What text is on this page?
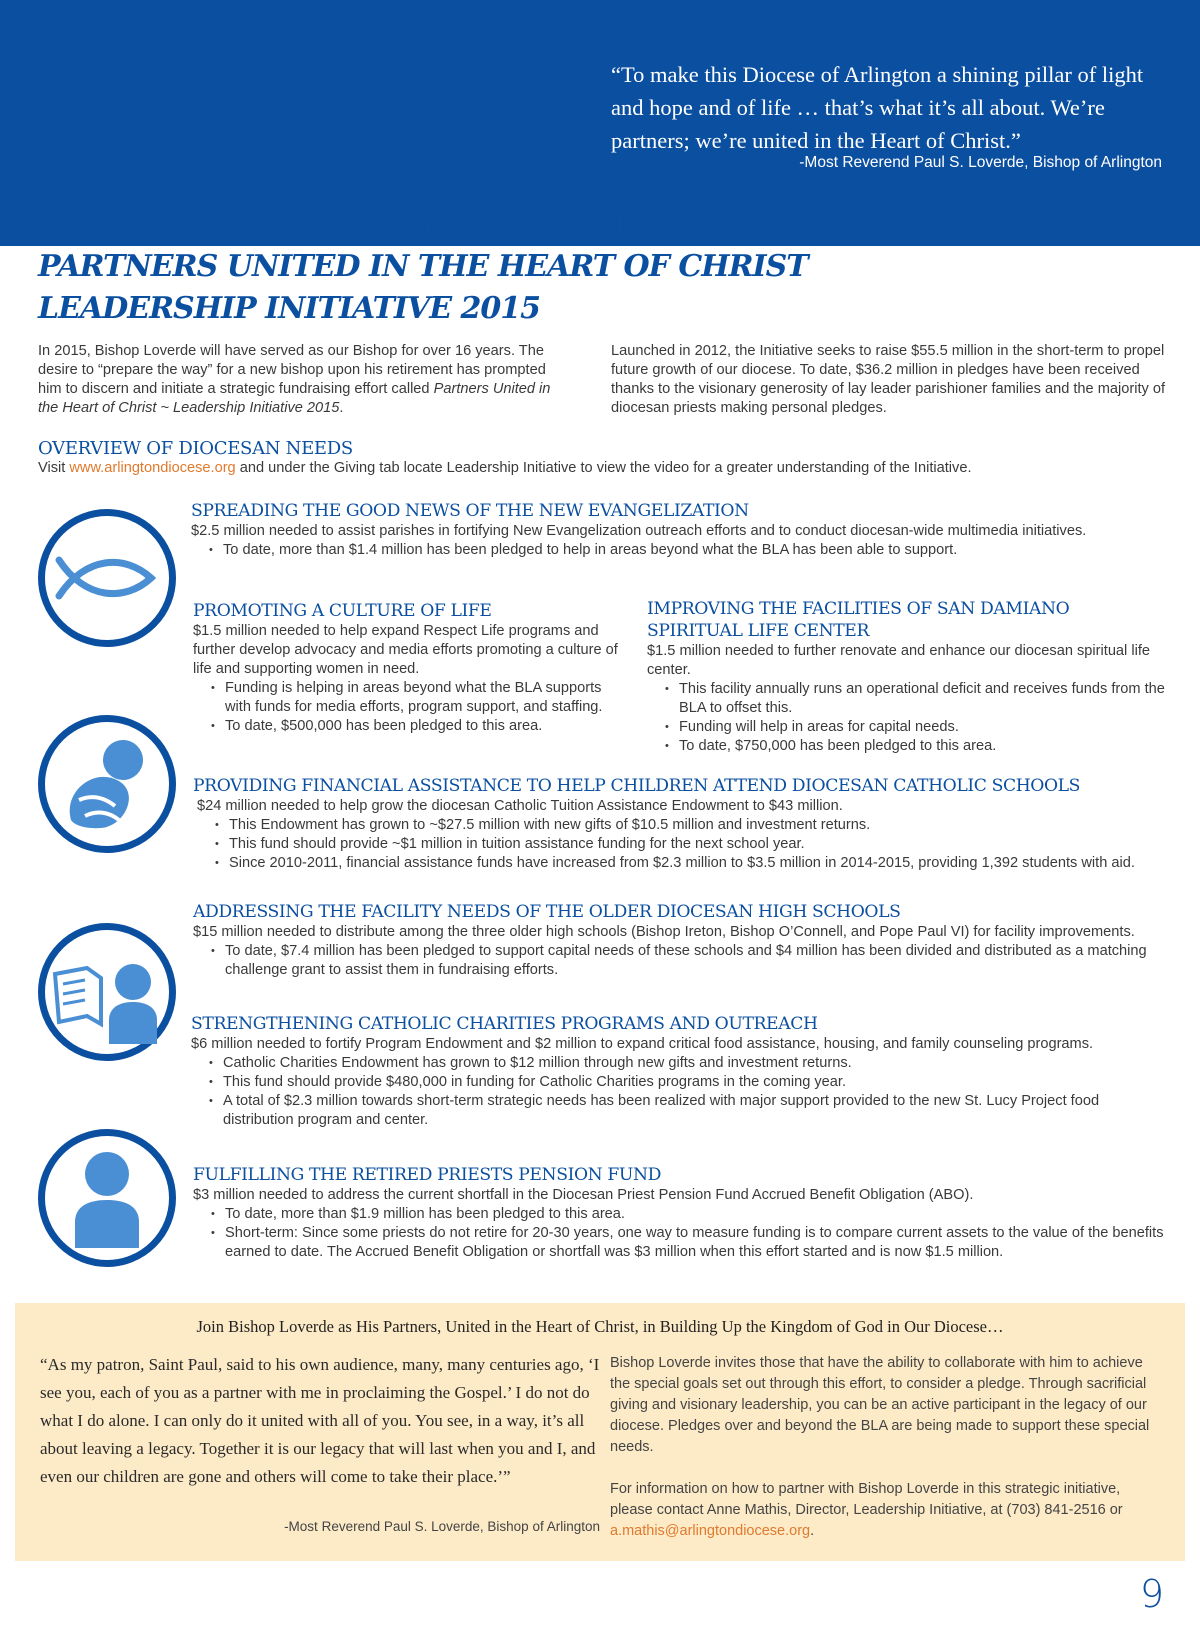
“To make this Diocese of Arlington a shining pillar of light and hope and of life … that’s what it’s all about. We’re partners; we’re united in the Heart of Christ.”
-Most Reverend Paul S. Loverde, Bishop of Arlington
STRATEGIC LONGTERM FUNDING
PARTNERS UNITED IN THE HEART OF CHRIST LEADERSHIP INITIATIVE 2015
In 2015, Bishop Loverde will have served as our Bishop for over 16 years. The desire to “prepare the way” for a new bishop upon his retirement has prompted him to discern and initiate a strategic fundraising effort called Partners United in the Heart of Christ ~ Leadership Initiative 2015.
Launched in 2012, the Initiative seeks to raise $55.5 million in the short-term to propel future growth of our diocese. To date, $36.2 million in pledges have been received thanks to the visionary generosity of lay leader parishioner families and the majority of diocesan priests making personal pledges.
OVERVIEW OF DIOCESAN NEEDS
Visit www.arlingtondiocese.org and under the Giving tab locate Leadership Initiative to view the video for a greater understanding of the Initiative.
SPREADING THE GOOD NEWS OF THE NEW EVANGELIZATION
$2.5 million needed to assist parishes in fortifying New Evangelization outreach efforts and to conduct diocesan-wide multimedia initiatives.
• To date, more than $1.4 million has been pledged to help in areas beyond what the BLA has been able to support.
PROMOTING A CULTURE OF LIFE
$1.5 million needed to help expand Respect Life programs and further develop advocacy and media efforts promoting a culture of life and supporting women in need.
• Funding is helping in areas beyond what the BLA supports with funds for media efforts, program support, and staffing.
• To date, $500,000 has been pledged to this area.
IMPROVING THE FACILITIES OF SAN DAMIANO SPIRITUAL LIFE CENTER
$1.5 million needed to further renovate and enhance our diocesan spiritual life center.
• This facility annually runs an operational deficit and receives funds from the BLA to offset this.
• Funding will help in areas for capital needs.
• To date, $750,000 has been pledged to this area.
PROVIDING FINANCIAL ASSISTANCE TO HELP CHILDREN ATTEND DIOCESAN CATHOLIC SCHOOLS
$24 million needed to help grow the diocesan Catholic Tuition Assistance Endowment to $43 million.
• This Endowment has grown to ~$27.5 million with new gifts of $10.5 million and investment returns.
• This fund should provide ~$1 million in tuition assistance funding for the next school year.
• Since 2010-2011, financial assistance funds have increased from $2.3 million to $3.5 million in 2014-2015, providing 1,392 students with aid.
ADDRESSING THE FACILITY NEEDS OF THE OLDER DIOCESAN HIGH SCHOOLS
$15 million needed to distribute among the three older high schools (Bishop Ireton, Bishop O’Connell, and Pope Paul VI) for facility improvements.
• To date, $7.4 million has been pledged to support capital needs of these schools and $4 million has been divided and distributed as a matching challenge grant to assist them in fundraising efforts.
STRENGTHENING CATHOLIC CHARITIES PROGRAMS AND OUTREACH
$6 million needed to fortify Program Endowment and $2 million to expand critical food assistance, housing, and family counseling programs.
• Catholic Charities Endowment has grown to $12 million through new gifts and investment returns.
• This fund should provide $480,000 in funding for Catholic Charities programs in the coming year.
• A total of $2.3 million towards short-term strategic needs has been realized with major support provided to the new St. Lucy Project food distribution program and center.
FULFILLING THE RETIRED PRIESTS PENSION FUND
$3 million needed to address the current shortfall in the Diocesan Priest Pension Fund Accrued Benefit Obligation (ABO).
• To date, more than $1.9 million has been pledged to this area.
• Short-term: Since some priests do not retire for 20-30 years, one way to measure funding is to compare current assets to the value of the benefits earned to date. The Accrued Benefit Obligation or shortfall was $3 million when this effort started and is now $1.5 million.
Join Bishop Loverde as His Partners, United in the Heart of Christ, in Building Up the Kingdom of God in Our Diocese…
“As my patron, Saint Paul, said to his own audience, many, many centuries ago, ‘I see you, each of you as a partner with me in proclaiming the Gospel.’ I do not do what I do alone. I can only do it united with all of you. You see, in a way, it’s all about leaving a legacy. Together it is our legacy that will last when you and I, and even our children are gone and others will come to take their place.’”
-Most Reverend Paul S. Loverde, Bishop of Arlington
Bishop Loverde invites those that have the ability to collaborate with him to achieve the special goals set out through this effort, to consider a pledge. Through sacrificial giving and visionary leadership, you can be an active participant in the legacy of our diocese. Pledges over and beyond the BLA are being made to support these special needs.
For information on how to partner with Bishop Loverde in this strategic initiative, please contact Anne Mathis, Director, Leadership Initiative, at (703) 841-2516 or a.mathis@arlingtondiocese.org.
9
